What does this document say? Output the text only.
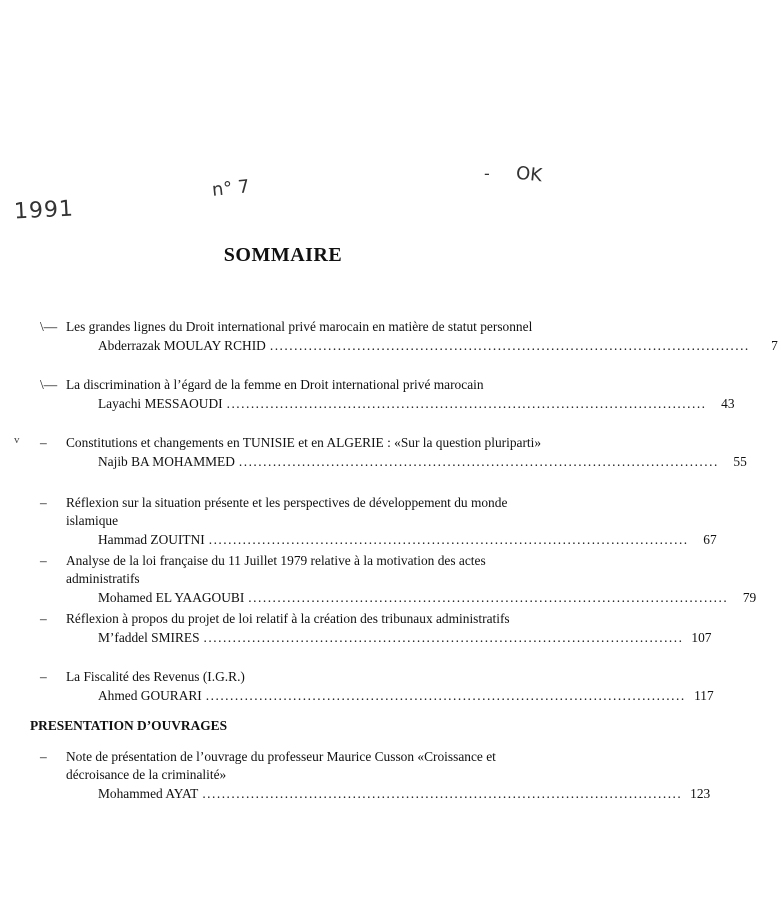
1991
n° 7
- OK
SOMMAIRE
v
\— Les grandes lignes du Droit international privé marocain en matière de statut personnel
Abderrazak MOULAY RCHID ...................................................................................................	7
\— La discrimination à l’égard de la femme en Droit international privé marocain
Layachi MESSAOUDI ...................................................................................................	43
–	Constitutions et changements en TUNISIE et en ALGERIE : «Sur la question pluriparti»
Najib BA MOHAMMED ...................................................................................................	55
–	Réflexion sur la situation présente et les perspectives de développement du monde islamique
Hammad ZOUITNI ...................................................................................................	67
–	Analyse de la loi française du 11 Juillet 1979 relative à la motivation des actes administratifs
Mohamed EL YAAGOUBI ...................................................................................................	79
–	Réflexion à propos du projet de loi relatif à la création des tribunaux administratifs
M’faddel SMIRES ................................................................................................... 107
–	La Fiscalité des Revenus (I.G.R.)
Ahmed GOURARI ................................................................................................... 117
PRESENTATION D’OUVRAGES
–	Note de présentation de l’ouvrage du professeur Maurice Cusson «Croissance et décroisance de la criminalité»
Mohammed AYAT ................................................................................................... 123
